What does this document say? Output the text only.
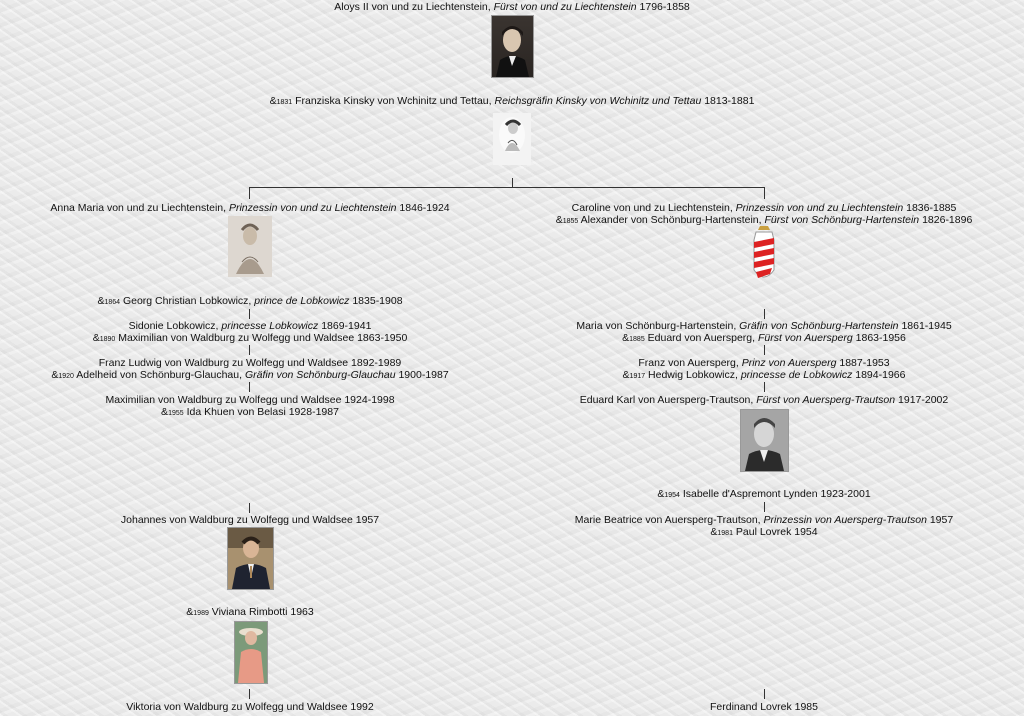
Aloys II von und zu Liechtenstein, Fürst von und zu Liechtenstein 1796-1858
&1831 Franziska Kinsky von Wchinitz und Tettau, Reichsgräfin Kinsky von Wchinitz und Tettau 1813-1881
Anna Maria von und zu Liechtenstein, Prinzessin von und zu Liechtenstein 1846-1924
&1864 Georg Christian Lobkowicz, prince de Lobkowicz 1835-1908
Sidonie Lobkowicz, princesse Lobkowicz 1869-1941
&1890 Maximilian von Waldburg zu Wolfegg und Waldsee 1863-1950
Franz Ludwig von Waldburg zu Wolfegg und Waldsee 1892-1989
&1920 Adelheid von Schönburg-Glauchau, Gräfin von Schönburg-Glauchau 1900-1987
Maximilian von Waldburg zu Wolfegg und Waldsee 1924-1998
&1955 Ida Khuen von Belasi 1928-1987
Johannes von Waldburg zu Wolfegg und Waldsee 1957
&1989 Viviana Rimbotti 1963
Viktoria von Waldburg zu Wolfegg und Waldsee 1992
Caroline von und zu Liechtenstein, Prinzessin von und zu Liechtenstein 1836-1885
&1855 Alexander von Schönburg-Hartenstein, Fürst von Schönburg-Hartenstein 1826-1896
Maria von Schönburg-Hartenstein, Gräfin von Schönburg-Hartenstein 1861-1945
&1885 Eduard von Auersperg, Fürst von Auersperg 1863-1956
Franz von Auersperg, Prinz von Auersperg 1887-1953
&1917 Hedwig Lobkowicz, princesse de Lobkowicz 1894-1966
Eduard Karl von Auersperg-Trautson, Fürst von Auersperg-Trautson 1917-2002
&1954 Isabelle d'Aspremont Lynden 1923-2001
Marie Beatrice von Auersperg-Trautson, Prinzessin von Auersperg-Trautson 1957
&1981 Paul Lovrek 1954
Ferdinand Lovrek 1985
